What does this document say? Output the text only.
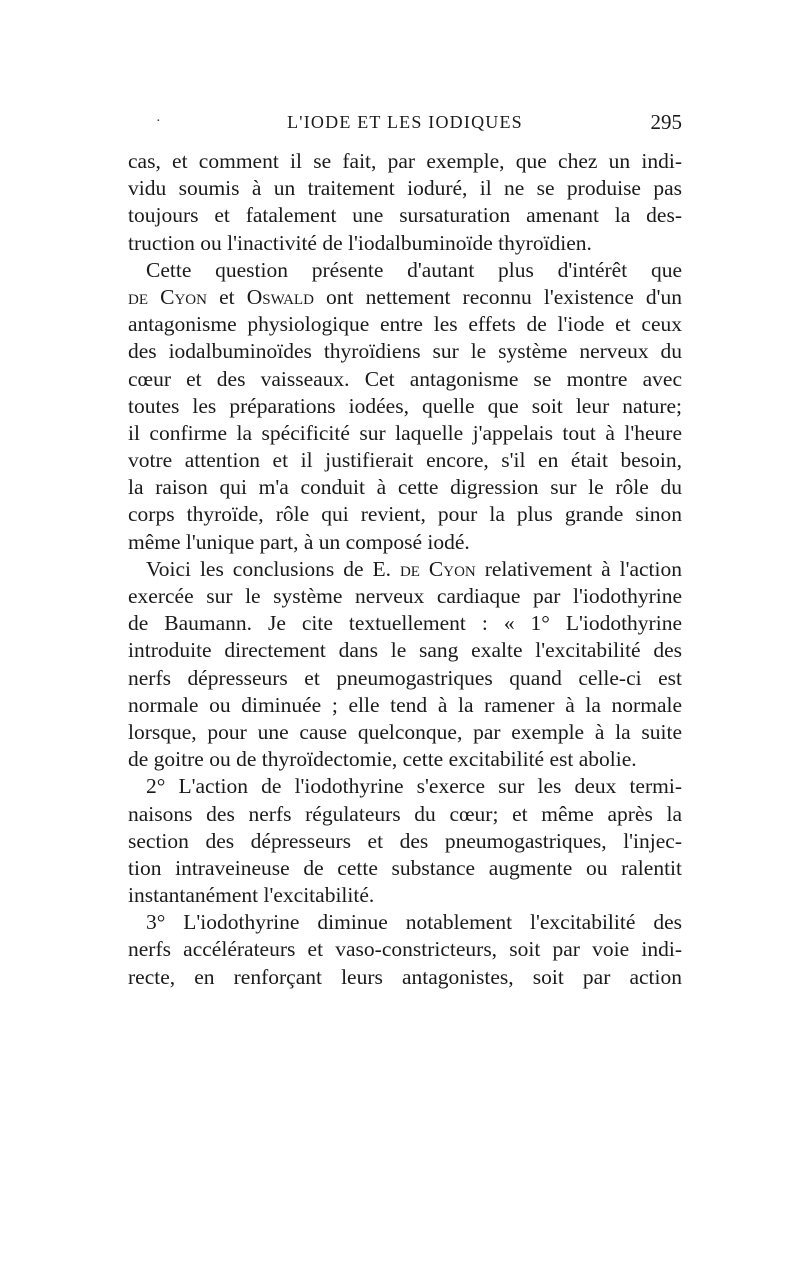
·	L'IODE ET LES IODIQUES	295
cas, et comment il se fait, par exemple, que chez un indi-
vidu soumis à un traitement ioduré, il ne se produise pas
toujours et fatalement une sursaturation amenant la des-
truction ou l'inactivité de l'iodalbuminoïde thyroïdien.
Cette question présente d'autant plus d'intérêt que
de Cyon et Oswald ont nettement reconnu l'existence d'un
antagonisme physiologique entre les effets de l'iode et ceux
des iodalbuminoïdes thyroïdiens sur le système nerveux du
cœur et des vaisseaux. Cet antagonisme se montre avec
toutes les préparations iodées, quelle que soit leur nature;
il confirme la spécificité sur laquelle j'appelais tout à l'heure
votre attention et il justifierait encore, s'il en était besoin,
la raison qui m'a conduit à cette digression sur le rôle du
corps thyroïde, rôle qui revient, pour la plus grande sinon
même l'unique part, à un composé iodé.
Voici les conclusions de E. de Cyon relativement à l'action
exercée sur le système nerveux cardiaque par l'iodothyrine
de Baumann. Je cite textuellement : « 1° L'iodothyrine
introduite directement dans le sang exalte l'excitabilité des
nerfs dépresseurs et pneumogastriques quand celle-ci est
normale ou diminuée ; elle tend à la ramener à la normale
lorsque, pour une cause quelconque, par exemple à la suite
de goitre ou de thyroïdectomie, cette excitabilité est abolie.
2° L'action de l'iodothyrine s'exerce sur les deux termi-
naisons des nerfs régulateurs du cœur; et même après la
section des dépresseurs et des pneumogastriques, l'injec-
tion intraveineuse de cette substance augmente ou ralentit
instantanément l'excitabilité.
3° L'iodothyrine diminue notablement l'excitabilité des
nerfs accélérateurs et vaso-constricteurs, soit par voie indi-
recte, en renforçant leurs antagonistes, soit par action
